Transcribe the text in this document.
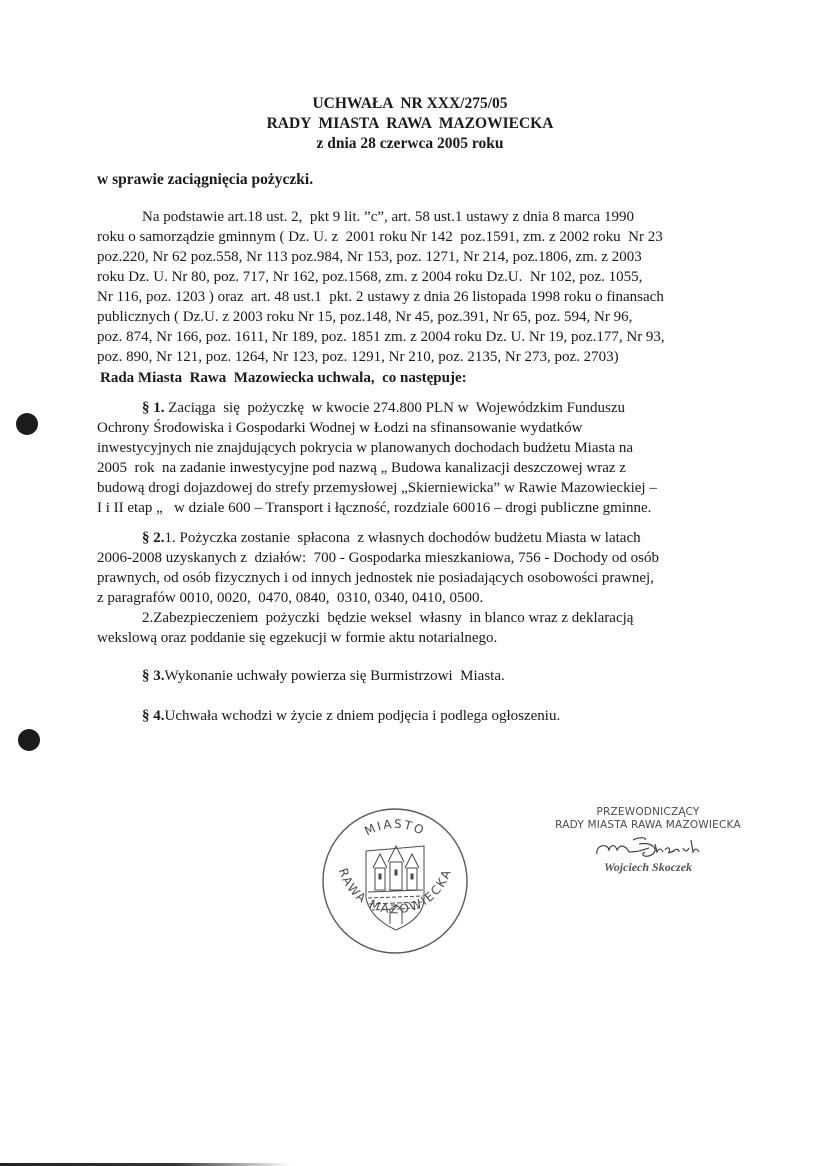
UCHWAŁA  NR XXX/275/05
RADY  MIASTA  RAWA  MAZOWIECKA
z dnia 28 czerwca 2005 roku
w sprawie zaciągnięcia pożyczki.
Na podstawie art.18 ust. 2,  pkt 9 lit. ”c”, art. 58 ust.1 ustawy z dnia 8 marca 1990
roku o samorządzie gminnym ( Dz. U. z  2001 roku Nr 142  poz.1591, zm. z 2002 roku  Nr 23
poz.220, Nr 62 poz.558, Nr 113 poz.984, Nr 153, poz. 1271, Nr 214, poz.1806, zm. z 2003
roku Dz. U. Nr 80, poz. 717, Nr 162, poz.1568, zm. z 2004 roku Dz.U.  Nr 102, poz. 1055,
Nr 116, poz. 1203 ) oraz  art. 48 ust.1  pkt. 2 ustawy z dnia 26 listopada 1998 roku o finansach
publicznych ( Dz.U. z 2003 roku Nr 15, poz.148, Nr 45, poz.391, Nr 65, poz. 594, Nr 96,
poz. 874, Nr 166, poz. 1611, Nr 189, poz. 1851 zm. z 2004 roku Dz. U. Nr 19, poz.177, Nr 93,
poz. 890, Nr 121, poz. 1264, Nr 123, poz. 1291, Nr 210, poz. 2135, Nr 273, poz. 2703)
Rada Miasta  Rawa  Mazowiecka uchwala,  co następuje:
§ 1. Zaciąga  się  pożyczkę  w kwocie 274.800 PLN w  Wojewódzkim Funduszu
Ochrony Środowiska i Gospodarki Wodnej w Łodzi na sfinansowanie wydatków
inwestycyjnych nie znajdujących pokrycia w planowanych dochodach budżetu Miasta na
2005  rok  na zadanie inwestycyjne pod nazwą „ Budowa kanalizacji deszczowej wraz z
budową drogi dojazdowej do strefy przemysłowej „Skierniewicka” w Rawie Mazowieckiej –
I i II etap „   w dziale 600 – Transport i łączność, rozdziale 60016 – drogi publiczne gminne.
§ 2.1. Pożyczka zostanie  spłacona  z własnych dochodów budżetu Miasta w latach
2006-2008 uzyskanych z  działów:  700 - Gospodarka mieszkaniowa, 756 - Dochody od osób
prawnych, od osób fizycznych i od innych jednostek nie posiadających osobowości prawnej,
z paragrafów 0010, 0020,  0470, 0840,  0310, 0340, 0410, 0500.
2.Zabezpieczeniem  pożyczki  będzie weksel  własny  in blanco wraz z deklaracją
wekslową oraz poddanie się egzekucji w formie aktu notarialnego.
§ 3.Wykonanie uchwały powierza się Burmistrzowi  Miasta.
§ 4.Uchwała wchodzi w życie z dniem podjęcia i podlega ogłoszeniu.
MIASTO
RAWA MAZOWIECKA
PRZEWODNICZĄCY
RADY MIASTA RAWA MAZOWIECKA
Wojciech Skoczek
